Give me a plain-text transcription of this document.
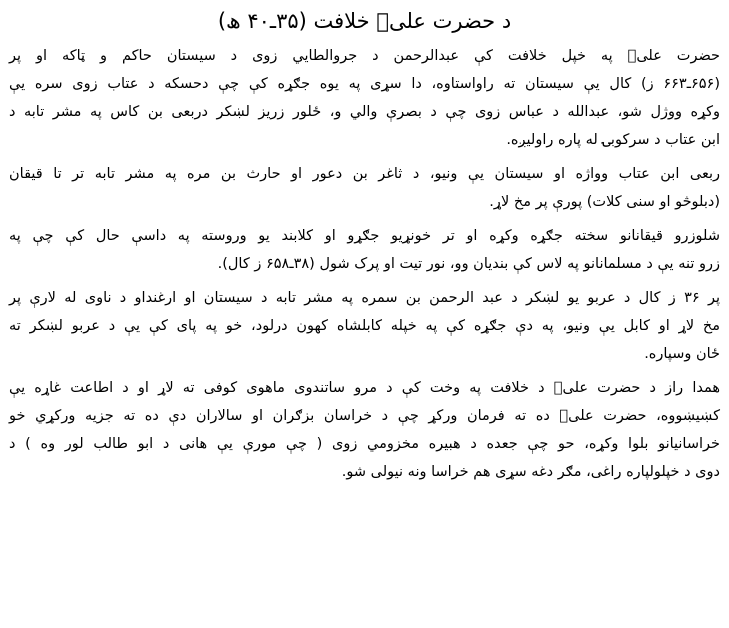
د حضرت علیؓ خلافت (۳۵ـ۴۰ ھ)
حضرت علیؓ په خپل خلافت کې عبدالرحمن د جروالطایي زوی د سیستان حاکم و ټاکه او پر
(۶۵۶ـ۶۶۳ ز) کال یې سیستان ته راواستاوه، دا سړی په یوه جګړه کې چې دحسکه د عتاب زوی سره یې
وکړه ووژل شو، عبدالله د عباس زوی چې د بصرې والي و، ځلور زریز لښکر دربعی بن کاس په مشر تابه د
ابن عتاب د سرکوبۍ له پاره راولیږه.
ربعی ابن عتاب وواژه او سیستان یې ونیو، د ثاغر بن دعور او حارث بن مره په مشر تابه تر تا قیقان
(دبلوڅو او سنی کلات) پورې پر مخ لاړ.
شلوزرو قیقانانو سخته جګړه وکړه او تر خونړیو جګړو او کلابند یو وروسته په داسې حال کې چې په
زرو تنه یې د مسلمانانو په لاس کې بندیان وو، نور تیت او پرک شول (۳۸ـ۶۵۸ ز کال).
پر ۳۶ ز کال د عربو یو لښکر د عبد الرحمن بن سمره په مشر تابه د سیستان او ارغنداو د ناوی له لارې پر
مخ لاړ او کابل یې ونیو، په دې جګړه کې په خپله کابلشاه کهون درلود، خو په پای کې یې د عربو لښکر ته
ځان وسپاره.
همدا راز د حضرت علیؓ د خلافت په وخت کې د مرو ساتندوی ماهوی کوفی ته لاړ او د اطاعت غاړه یې
کښیښووه، حضرت علیؓ ده ته فرمان ورکړ چې د خراسان بزګران او سالاران دې ده ته جزیه ورکړي خو
خراسانیانو بلوا وکړه، حو چې جعده د هبیره مخزومي زوی ( چې مورې یې هانی د ابو طالب لور وه ) د
دوی د خپلولپاره راغی، مګر دغه سړی هم خراسا ونه نیولی شو.
